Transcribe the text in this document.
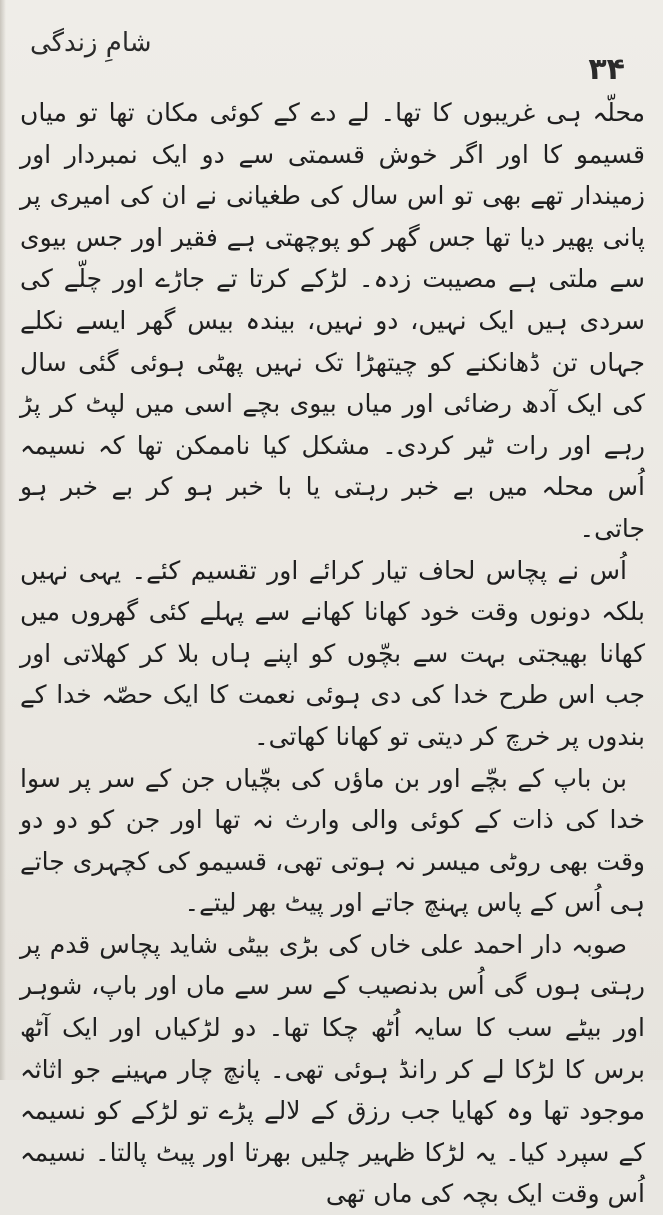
شامِ زندگی
۳۴

محلّہ ہی غریبوں کا تھا۔ لے دے کے کوئی مکان تھا تو میاں قسیمو کا اور اگر خوش قسمتی سے دو ایک نمبردار اور زمیندار تھے بھی تو اس سال کی طغیانی نے ان کی امیری پر پانی پھیر دیا تھا جس گھر کو پوچھتی ہے فقیر اور جس بیوی سے ملتی ہے مصیبت زدہ۔ لڑکے کرتا تے جاڑے اور چلّے کی سردی ہیں ایک نہیں، دو نہیں، بیندہ بیس گھر ایسے نکلے جہاں تن ڈھانکنے کو چیتھڑا تک نہیں پھٹی ہوئی گئی سال کی ایک آدھ رضائی اور میاں بیوی بچے اسی میں لپٹ کر پڑ رہے اور رات ٹیر کردی۔ مشکل کیا ناممکن تھا کہ نسیمہ اُس محلہ میں بے خبر رہتی یا با خبر ہو کر بے خبر ہو جاتی۔

اُس نے پچاس لحاف تیار کرائے اور تقسیم کئے۔ یہی نہیں بلکہ دونوں وقت خود کھانا کھانے سے پہلے کئی گھروں میں کھانا بھیجتی بہت سے بچّوں کو اپنے ہاں بلا کر کھلاتی اور جب اس طرح خدا کی دی ہوئی نعمت کا ایک حصّہ خدا کے بندوں پر خرچ کر دیتی تو کھانا کھاتی۔

بن باپ کے بچّے اور بن ماؤں کی بچّیاں جن کے سر پر سوا خدا کی ذات کے کوئی والی وارث نہ تھا اور جن کو دو دو وقت بھی روٹی میسر نہ ہوتی تھی، قسیمو کی کچہری جاتے ہی اُس کے پاس پہنچ جاتے اور پیٹ بھر لیتے۔

صوبہ دار احمد علی خاں کی بڑی بیٹی شاید پچاس قدم پر رہتی ہوں گی اُس بدنصیب کے سر سے ماں اور باپ، شوہر اور بیٹے سب کا سایہ اُٹھ چکا تھا۔ دو لڑکیاں اور ایک آٹھ برس کا لڑکا لے کر رانڈ ہوئی تھی۔ پانچ چار مہینے جو اثاثہ موجود تھا وہ کھایا جب رزق کے لالے پڑے تو لڑکے کو نسیمہ کے سپرد کیا۔ یہ لڑکا ظہیر چلیں بھرتا اور پیٹ پالتا۔ نسیمہ اُس وقت ایک بچہ کی ماں تھی
